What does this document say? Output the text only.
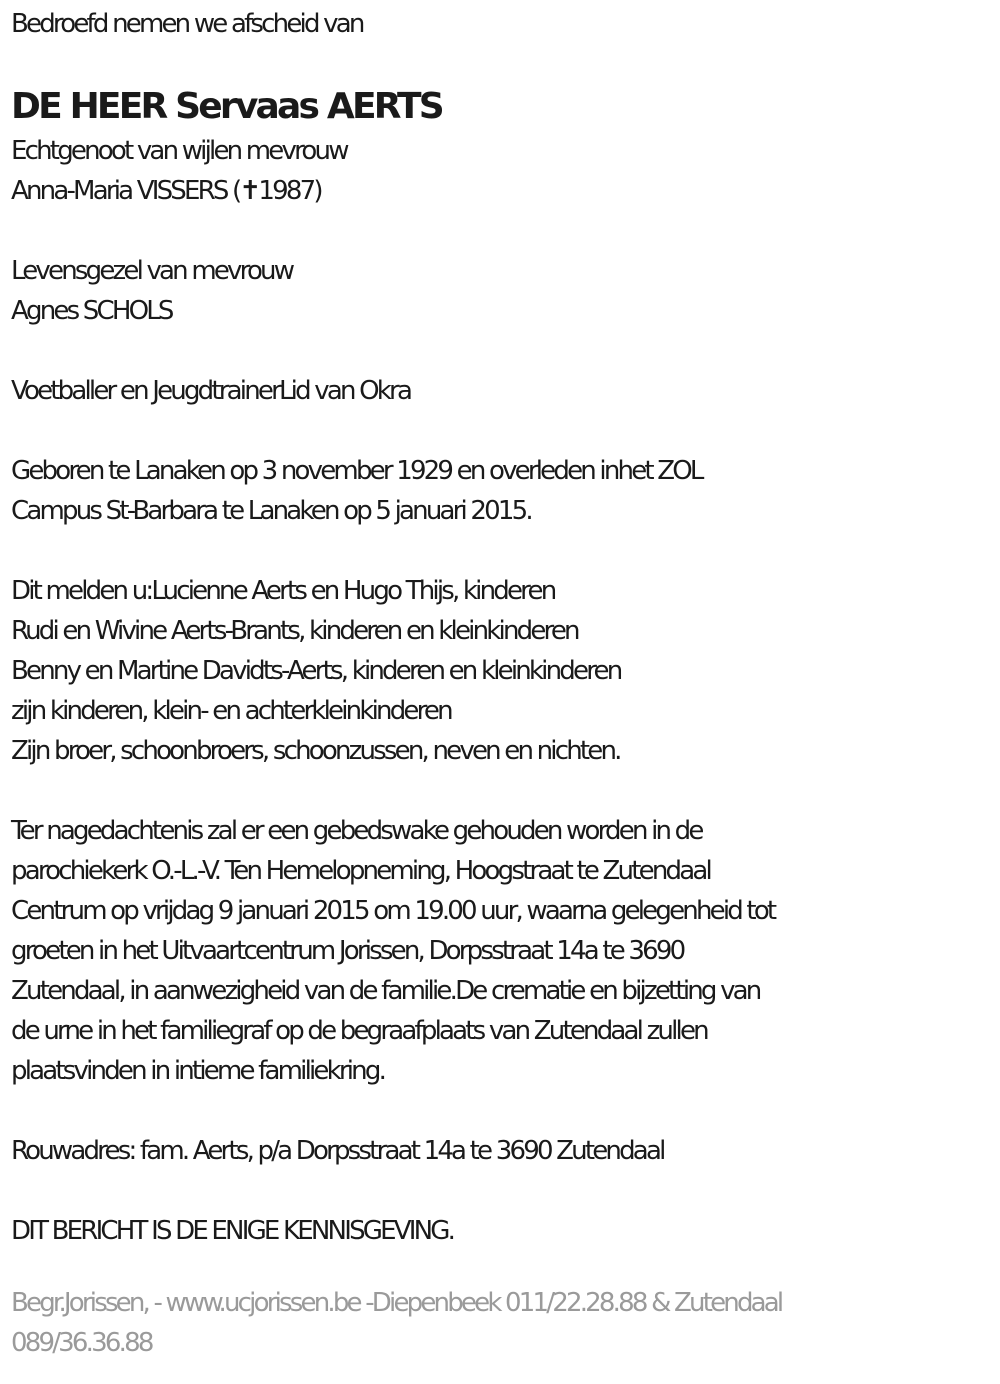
Bedroefd nemen we afscheid van
DE HEER Servaas AERTS
Echtgenoot van wijlen mevrouw
Anna-Maria VISSERS (✝1987)
Levensgezel van mevrouw
Agnes SCHOLS
Voetballer en JeugdtrainerLid van Okra
Geboren te Lanaken op 3 november 1929 en overleden inhet ZOL
Campus St-Barbara te Lanaken op 5 januari 2015.
Dit melden u:Lucienne Aerts en Hugo Thijs, kinderen
Rudi en Wivine Aerts-Brants, kinderen en kleinkinderen
Benny en Martine Davidts-Aerts, kinderen en kleinkinderen
zijn kinderen, klein- en achterkleinkinderen
Zijn broer, schoonbroers, schoonzussen, neven en nichten.
Ter nagedachtenis zal er een gebedswake gehouden worden in de
parochiekerk O.-L.-V. Ten Hemelopneming, Hoogstraat te Zutendaal
Centrum op vrijdag 9 januari 2015 om 19.00 uur, waarna gelegenheid tot
groeten in het Uitvaartcentrum Jorissen, Dorpsstraat 14a te 3690
Zutendaal, in aanwezigheid van de familie.De crematie en bijzetting van
de urne in het familiegraf op de begraafplaats van Zutendaal zullen
plaatsvinden in intieme familiekring.
Rouwadres: fam. Aerts, p/a Dorpsstraat 14a te 3690 Zutendaal
DIT BERICHT IS DE ENIGE KENNISGEVING.
Begr.Jorissen, - www.ucjorissen.be -Diepenbeek 011/22.28.88 & Zutendaal
089/36.36.88
